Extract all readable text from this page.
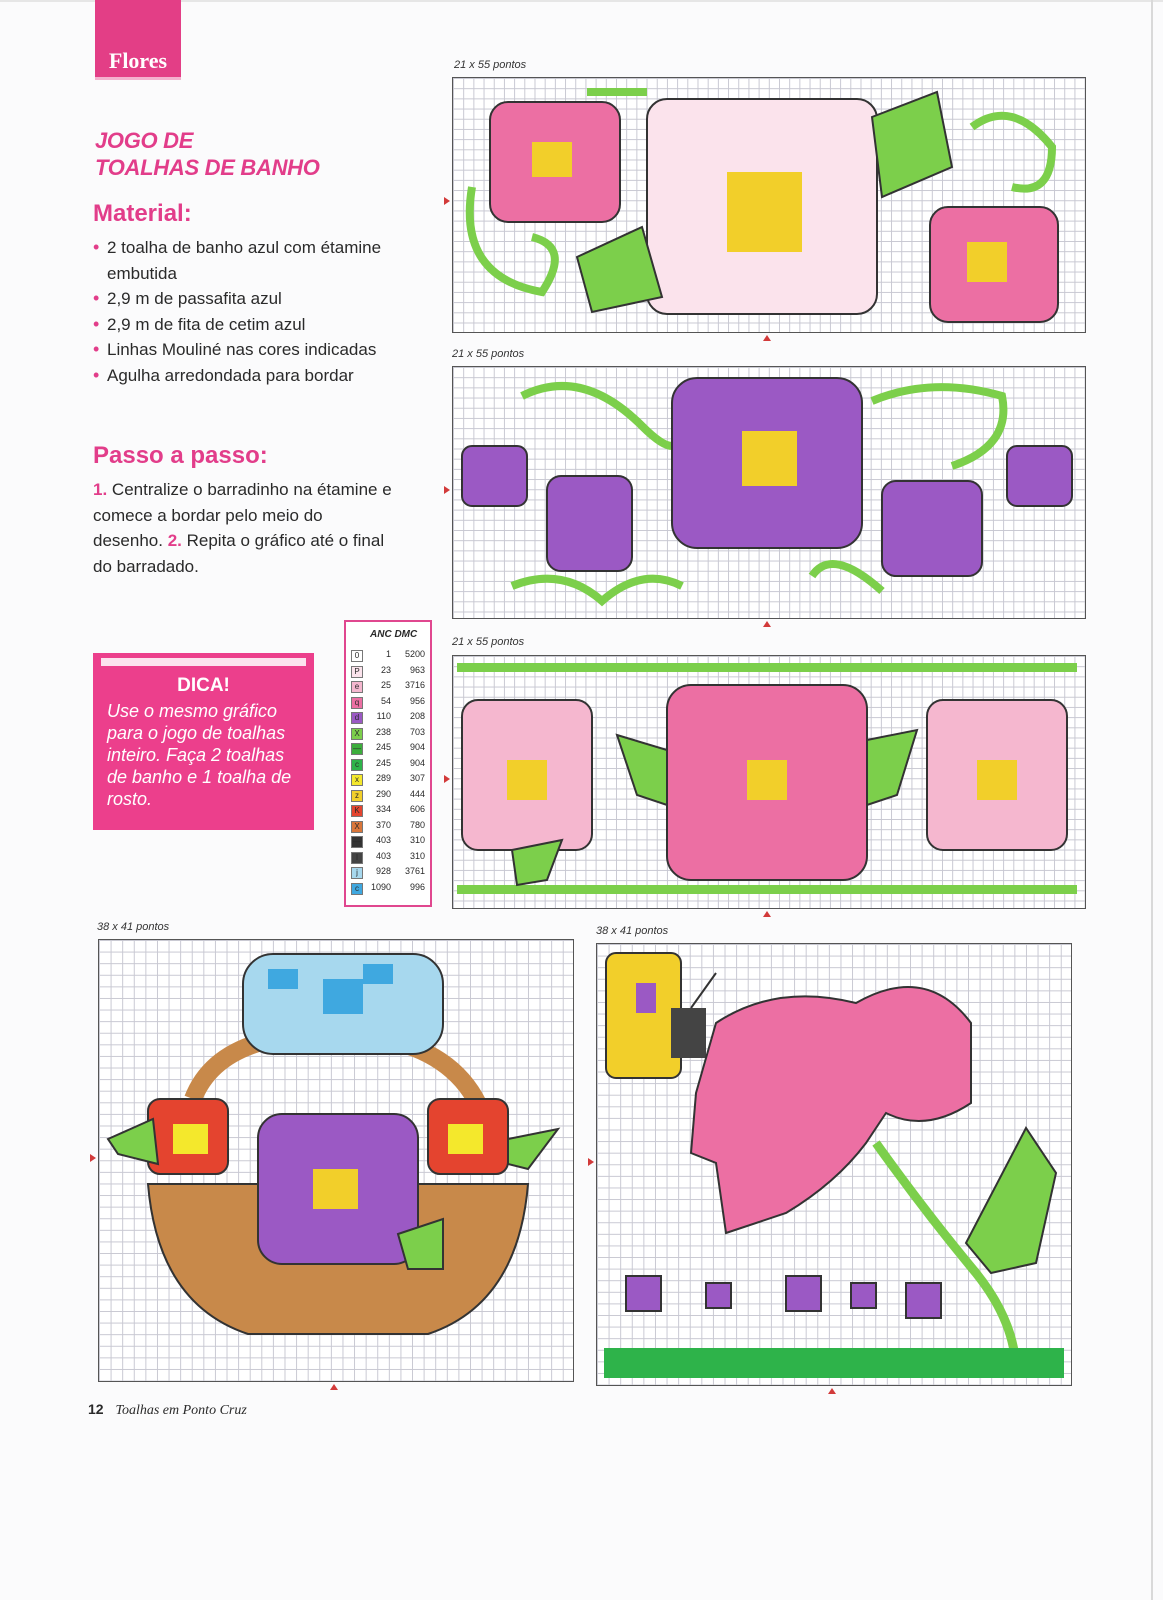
Flores
JOGO DE
TOALHAS DE BANHO
Material:
• 2 toalha de banho azul com étamine embutida
• 2,9 m de passafita azul
• 2,9 m de fita de cetim azul
• Linhas Mouliné nas cores indicadas
• Agulha arredondada para bordar
Passo a passo:
1. Centralize o barradinho na étamine e comece a bordar pelo meio do desenho. 2. Repita o gráfico até o final do barradado.
DICA!
Use o mesmo gráfico para o jogo de toalhas inteiro. Faça 2 toalhas de banho e 1 toalha de rosto.
ANC DMC
0	1	5200
P	23	963
e	25	3716
q	54	956
d	110	208
X	238	703
—	245	904
c	245	904
x	289	307
z	290	444
K	334	606
X	370	780
—	403	310
I	403	310
j	928	3761
c	1090	996
21 x 55 pontos
21 x 55 pontos
21 x 55 pontos
38 x 41 pontos	38 x 41 pontos
12 Toalhas em Ponto Cruz
